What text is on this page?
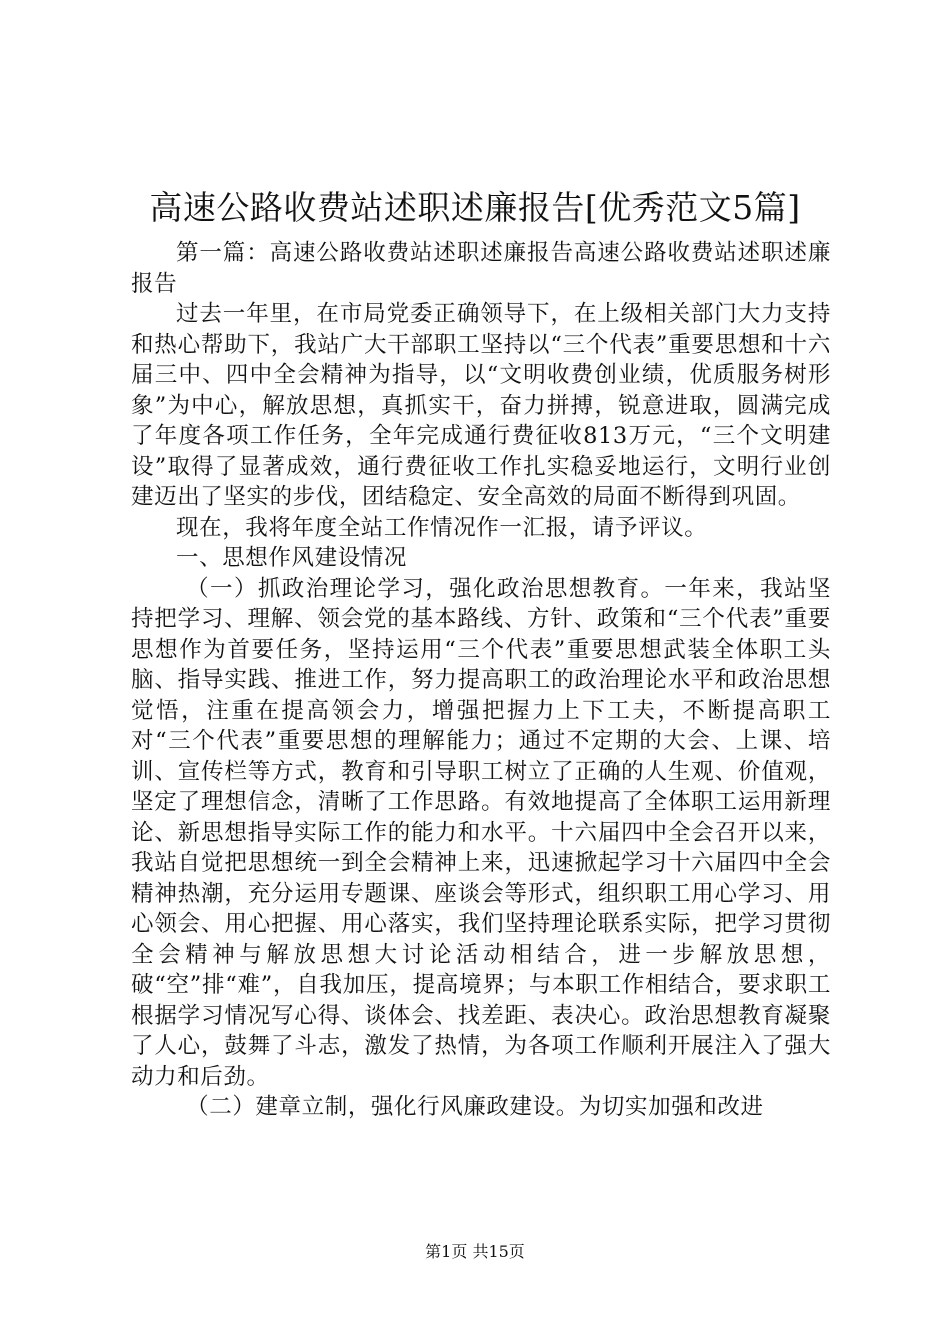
高速公路收费站述职述廉报告[优秀范文5篇]

第一篇：高速公路收费站述职述廉报告高速公路收费站述职述廉报告

过去一年里，在市局党委正确领导下，在上级相关部门大力支持和热心帮助下，我站广大干部职工坚持以“三个代表”重要思想和十六届三中、四中全会精神为指导，以“文明收费创业绩，优质服务树形象”为中心，解放思想，真抓实干，奋力拼搏，锐意进取，圆满完成了年度各项工作任务，全年完成通行费征收813万元，“三个文明建设”取得了显著成效，通行费征收工作扎实稳妥地运行，文明行业创建迈出了坚实的步伐，团结稳定、安全高效的局面不断得到巩固。

现在，我将年度全站工作情况作一汇报，请予评议。

一、思想作风建设情况

（一）抓政治理论学习，强化政治思想教育。一年来，我站坚持把学习、理解、领会党的基本路线、方针、政策和“三个代表”重要思想作为首要任务，坚持运用“三个代表”重要思想武装全体职工头脑、指导实践、推进工作，努力提高职工的政治理论水平和政治思想觉悟，注重在提高领会力，增强把握力上下工夫，不断提高职工对“三个代表”重要思想的理解能力；通过不定期的大会、上课、培训、宣传栏等方式，教育和引导职工树立了正确的人生观、价值观，坚定了理想信念，清晰了工作思路。有效地提高了全体职工运用新理论、新思想指导实际工作的能力和水平。十六届四中全会召开以来，我站自觉把思想统一到全会精神上来，迅速掀起学习十六届四中全会精神热潮，充分运用专题课、座谈会等形式，组织职工用心学习、用心领会、用心把握、用心落实，我们坚持理论联系实际，把学习贯彻全会精神与解放思想大讨论活动相结合，进一步解放思想，破“空”排“难”，自我加压，提高境界；与本职工作相结合，要求职工根据学习情况写心得、谈体会、找差距、表决心。政治思想教育凝聚了人心，鼓舞了斗志，激发了热情，为各项工作顺利开展注入了强大动力和后劲。

（二）建章立制，强化行风廉政建设。为切实加强和改进

第1页 共15页
